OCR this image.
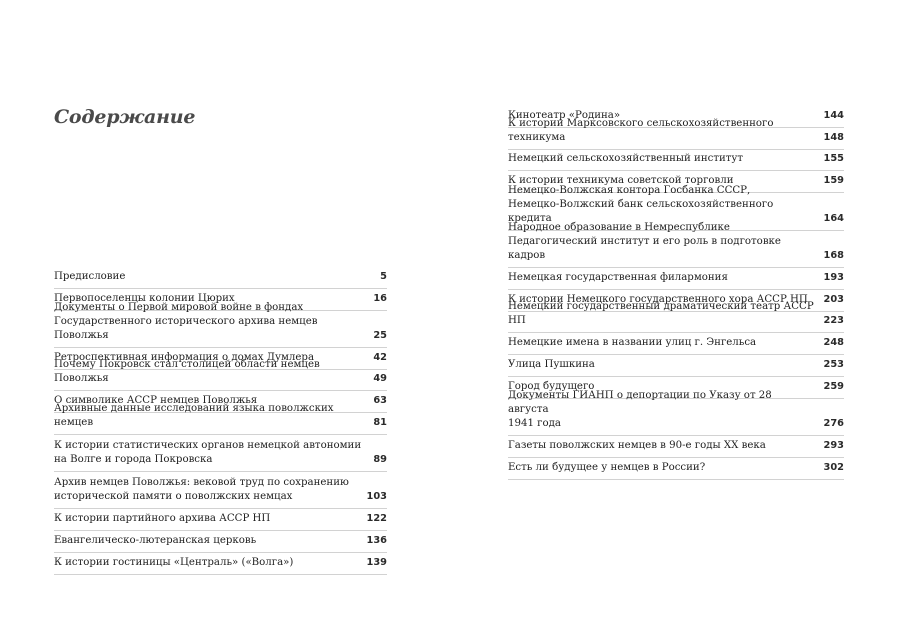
Содержание
Предисловие	5
Первопоселенцы колонии Цюрих	16
Документы о Первой мировой войне в фондах
Государственного исторического архива немцев Поволжья	25
Ретроспективная информация о домах Думлера	42
Почему Покровск стал столицей области немцев Поволжья	49
О символике АССР немцев Поволжья	63
Архивные данные исследований языка поволжских немцев	81
К истории статистических органов немецкой автономии
на Волге и города Покровска	89
Архив немцев Поволжья: вековой труд по сохранению
исторической памяти о поволжских немцах	103
К истории партийного архива АССР НП	122
Евангелическо-лютеранская церковь	136
К истории гостиницы «Централь» («Волга»)	139
Кинотеатр «Родина»	144
К истории Марксовского сельскохозяйственного техникума	148
Немецкий сельскохозяйственный институт	155
К истории техникума советской торговли	159
Немецко-Волжская контора Госбанка СССР,
Немецко-Волжский банк сельскохозяйственного кредита	164
Народное образование в Немреспублике
Педагогический институт и его роль в подготовке кадров	168
Немецкая государственная филармония	193
К истории Немецкого государственного хора АССР НП	203
Немецкий государственный драматический театр АССР НП	223
Немецкие имена в названии улиц г. Энгельса	248
Улица Пушкина	253
Город будущего	259
Документы ГИАНП о депортации по Указу от 28 августа
1941 года	276
Газеты поволжских немцев в 90-е годы XX века	293
Есть ли будущее у немцев в России?	302
